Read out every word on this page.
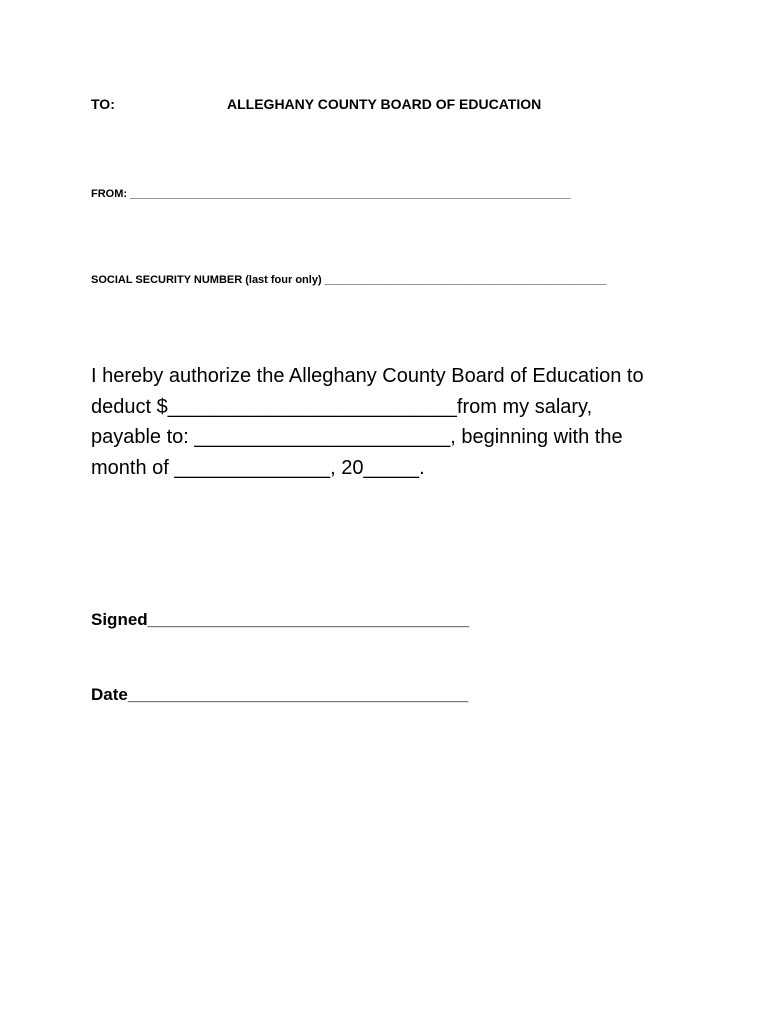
TO:	ALLEGHANY COUNTY BOARD OF EDUCATION
FROM: ________________________________________________________________________
SOCIAL SECURITY NUMBER (last four only) ______________________________________________
I hereby authorize the Alleghany County Board of Education to
deduct $__________________________from my salary,
payable to: _______________________, beginning with the
month of ______________, 20_____.
Signed__________________________________
Date____________________________________
